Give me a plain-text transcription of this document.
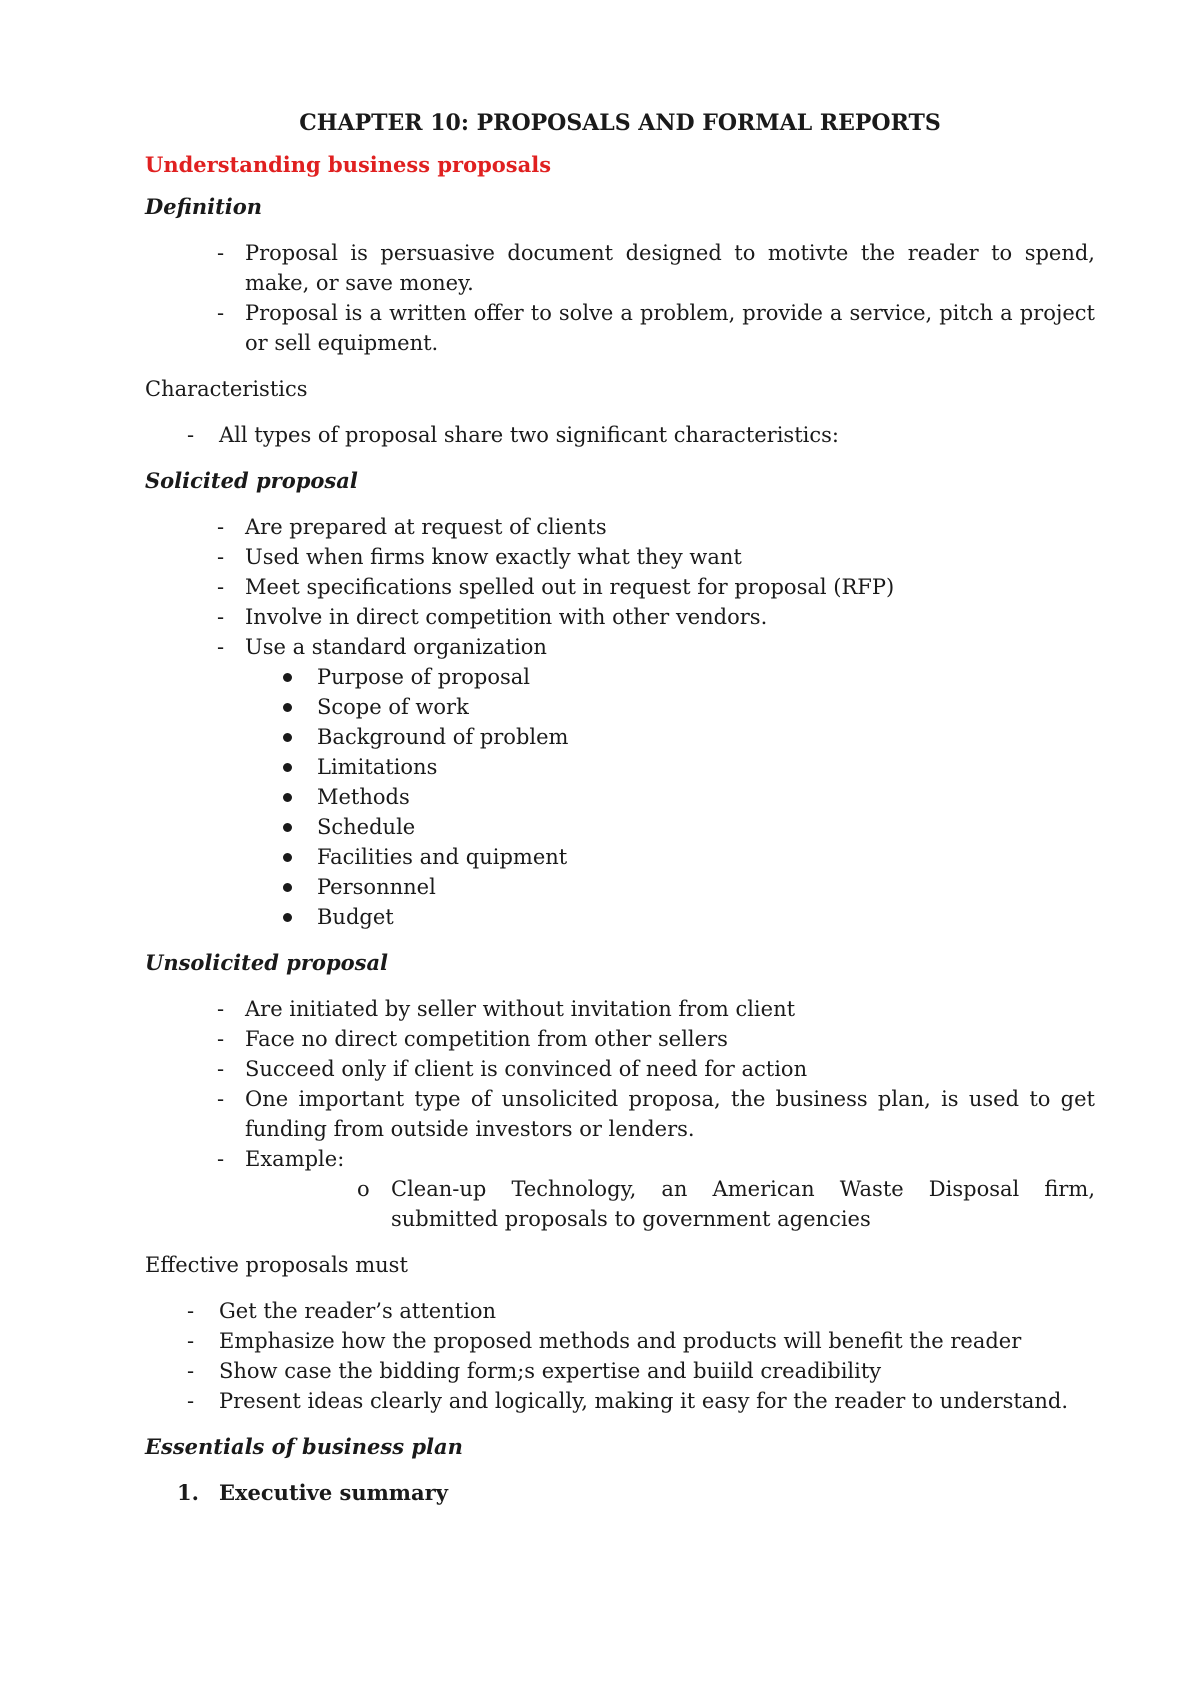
CHAPTER 10: PROPOSALS AND FORMAL REPORTS
Understanding business proposals
Definition
- Proposal is persuasive document designed to motivte the reader to spend, make, or save money.
- Proposal is a written offer to solve a problem, provide a service, pitch a project or sell equipment.
Characteristics
- All types of proposal share two significant characteristics:
Solicited proposal
- Are prepared at request of clients
- Used when firms know exactly what they want
- Meet specifications spelled out in request for proposal (RFP)
- Involve in direct competition with other vendors.
- Use a standard organization
Purpose of proposal
Scope of work
Background of problem
Limitations
Methods
Schedule
Facilities and quipment
Personnnel
Budget
Unsolicited proposal
- Are initiated by seller without invitation from client
- Face no direct competition from other sellers
- Succeed only if client is convinced of need for action
- One important type of unsolicited proposa, the business plan, is used to get funding from outside investors or lenders.
- Example:
o Clean-up Technology, an American Waste Disposal firm, submitted proposals to government agencies
Effective proposals must
- Get the reader’s attention
- Emphasize how the proposed methods and products will benefit the reader
- Show case the bidding form;s expertise and buiild creadibility
- Present ideas clearly and logically, making it easy for the reader to understand.
Essentials of business plan
1. Executive summary
